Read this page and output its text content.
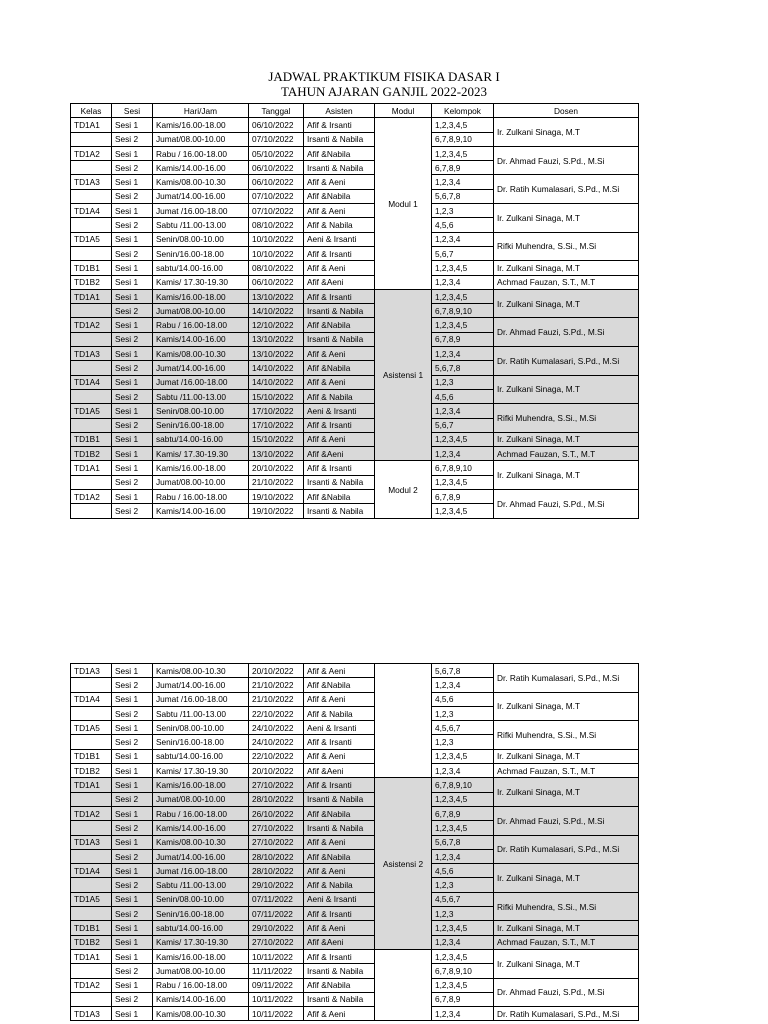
JADWAL PRAKTIKUM FISIKA DASAR I
TAHUN AJARAN GANJIL 2022-2023
Kelas	Sesi	Hari/Jam	Tanggal	Asisten	Modul	Kelompok	Dosen
TD1A1	Sesi 1	Kamis/16.00-18.00	06/10/2022	Afif & Irsanti	Modul 1	1,2,3,4,5	Ir. Zulkani Sinaga, M.T
	Sesi 2	Jumat/08.00-10.00	07/10/2022	Irsanti & Nabila		6,7,8,9,10	
TD1A2	Sesi 1	Rabu / 16.00-18.00	05/10/2022	Afif &Nabila		1,2,3,4,5	Dr. Ahmad Fauzi, S.Pd., M.Si
	Sesi 2	Kamis/14.00-16.00	06/10/2022	Irsanti & Nabila		6,7,8,9	
TD1A3	Sesi 1	Kamis/08.00-10.30	06/10/2022	Afif & Aeni		1,2,3,4	Dr. Ratih Kumalasari, S.Pd., M.Si
	Sesi 2	Jumat/14.00-16.00	07/10/2022	Afif &Nabila		5,6,7,8	
TD1A4	Sesi 1	Jumat /16.00-18.00	07/10/2022	Afif & Aeni		1,2,3	Ir. Zulkani Sinaga, M.T
	Sesi 2	Sabtu /11.00-13.00	08/10/2022	Afif & Nabila		4,5,6	
TD1A5	Sesi 1	Senin/08.00-10.00	10/10/2022	Aeni & Irsanti		1,2,3,4	Rifki Muhendra, S.Si., M.Si
	Sesi 2	Senin/16.00-18.00	10/10/2022	Afif & Irsanti		5,6,7	
TD1B1	Sesi 1	sabtu/14.00-16.00	08/10/2022	Afif & Aeni		1,2,3,4,5	Ir. Zulkani Sinaga, M.T
TD1B2	Sesi 1	Kamis/ 17.30-19.30	06/10/2022	Afif &Aeni		1,2,3,4	Achmad Fauzan, S.T., M.T
TD1A1	Sesi 1	Kamis/16.00-18.00	13/10/2022	Afif & Irsanti	Asistensi 1	1,2,3,4,5	Ir. Zulkani Sinaga, M.T
	Sesi 2	Jumat/08.00-10.00	14/10/2022	Irsanti & Nabila		6,7,8,9,10	
TD1A2	Sesi 1	Rabu / 16.00-18.00	12/10/2022	Afif &Nabila		1,2,3,4,5	Dr. Ahmad Fauzi, S.Pd., M.Si
	Sesi 2	Kamis/14.00-16.00	13/10/2022	Irsanti & Nabila		6,7,8,9	
TD1A3	Sesi 1	Kamis/08.00-10.30	13/10/2022	Afif & Aeni		1,2,3,4	Dr. Ratih Kumalasari, S.Pd., M.Si
	Sesi 2	Jumat/14.00-16.00	14/10/2022	Afif &Nabila		5,6,7,8	
TD1A4	Sesi 1	Jumat /16.00-18.00	14/10/2022	Afif & Aeni		1,2,3	Ir. Zulkani Sinaga, M.T
	Sesi 2	Sabtu /11.00-13.00	15/10/2022	Afif & Nabila		4,5,6	
TD1A5	Sesi 1	Senin/08.00-10.00	17/10/2022	Aeni & Irsanti		1,2,3,4	Rifki Muhendra, S.Si., M.Si
	Sesi 2	Senin/16.00-18.00	17/10/2022	Afif & Irsanti		5,6,7	
TD1B1	Sesi 1	sabtu/14.00-16.00	15/10/2022	Afif & Aeni		1,2,3,4,5	Ir. Zulkani Sinaga, M.T
TD1B2	Sesi 1	Kamis/ 17.30-19.30	13/10/2022	Afif &Aeni		1,2,3,4	Achmad Fauzan, S.T., M.T
TD1A1	Sesi 1	Kamis/16.00-18.00	20/10/2022	Afif & Irsanti	Modul 2	6,7,8,9,10	Ir. Zulkani Sinaga, M.T
	Sesi 2	Jumat/08.00-10.00	21/10/2022	Irsanti & Nabila		1,2,3,4,5	
TD1A2	Sesi 1	Rabu / 16.00-18.00	19/10/2022	Afif &Nabila		6,7,8,9	Dr. Ahmad Fauzi, S.Pd., M.Si
	Sesi 2	Kamis/14.00-16.00	19/10/2022	Irsanti & Nabila		1,2,3,4,5	
TD1A3	Sesi 1	Kamis/08.00-10.30	20/10/2022	Afif & Aeni		5,6,7,8	Dr. Ratih Kumalasari, S.Pd., M.Si
	Sesi 2	Jumat/14.00-16.00	21/10/2022	Afif &Nabila		1,2,3,4	
TD1A4	Sesi 1	Jumat /16.00-18.00	21/10/2022	Afif & Aeni		4,5,6	Ir. Zulkani Sinaga, M.T
	Sesi 2	Sabtu /11.00-13.00	22/10/2022	Afif & Nabila		1,2,3	
TD1A5	Sesi 1	Senin/08.00-10.00	24/10/2022	Aeni & Irsanti		4,5,6,7	Rifki Muhendra, S.Si., M.Si
	Sesi 2	Senin/16.00-18.00	24/10/2022	Afif & Irsanti		1,2,3	
TD1B1	Sesi 1	sabtu/14.00-16.00	22/10/2022	Afif & Aeni		1,2,3,4,5	Ir. Zulkani Sinaga, M.T
TD1B2	Sesi 1	Kamis/ 17.30-19.30	20/10/2022	Afif &Aeni		1,2,3,4	Achmad Fauzan, S.T., M.T
TD1A1	Sesi 1	Kamis/16.00-18.00	27/10/2022	Afif & Irsanti	Asistensi 2	6,7,8,9,10	Ir. Zulkani Sinaga, M.T
	Sesi 2	Jumat/08.00-10.00	28/10/2022	Irsanti & Nabila		1,2,3,4,5	
TD1A2	Sesi 1	Rabu / 16.00-18.00	26/10/2022	Afif &Nabila		6,7,8,9	Dr. Ahmad Fauzi, S.Pd., M.Si
	Sesi 2	Kamis/14.00-16.00	27/10/2022	Irsanti & Nabila		1,2,3,4,5	
TD1A3	Sesi 1	Kamis/08.00-10.30	27/10/2022	Afif & Aeni		5,6,7,8	Dr. Ratih Kumalasari, S.Pd., M.Si
	Sesi 2	Jumat/14.00-16.00	28/10/2022	Afif &Nabila		1,2,3,4	
TD1A4	Sesi 1	Jumat /16.00-18.00	28/10/2022	Afif & Aeni		4,5,6	Ir. Zulkani Sinaga, M.T
	Sesi 2	Sabtu /11.00-13.00	29/10/2022	Afif & Nabila		1,2,3	
TD1A5	Sesi 1	Senin/08.00-10.00	07/11/2022	Aeni & Irsanti		4,5,6,7	Rifki Muhendra, S.Si., M.Si
	Sesi 2	Senin/16.00-18.00	07/11/2022	Afif & Irsanti		1,2,3	
TD1B1	Sesi 1	sabtu/14.00-16.00	29/10/2022	Afif & Aeni		1,2,3,4,5	Ir. Zulkani Sinaga, M.T
TD1B2	Sesi 1	Kamis/ 17.30-19.30	27/10/2022	Afif &Aeni		1,2,3,4	Achmad Fauzan, S.T., M.T
TD1A1	Sesi 1	Kamis/16.00-18.00	10/11/2022	Afif & Irsanti		1,2,3,4,5	Ir. Zulkani Sinaga, M.T
	Sesi 2	Jumat/08.00-10.00	11/11/2022	Irsanti & Nabila		6,7,8,9,10	
TD1A2	Sesi 1	Rabu / 16.00-18.00	09/11/2022	Afif &Nabila		1,2,3,4,5	Dr. Ahmad Fauzi, S.Pd., M.Si
	Sesi 2	Kamis/14.00-16.00	10/11/2022	Irsanti & Nabila		6,7,8,9	
TD1A3	Sesi 1	Kamis/08.00-10.30	10/11/2022	Afif & Aeni		1,2,3,4	Dr. Ratih Kumalasari, S.Pd., M.Si
